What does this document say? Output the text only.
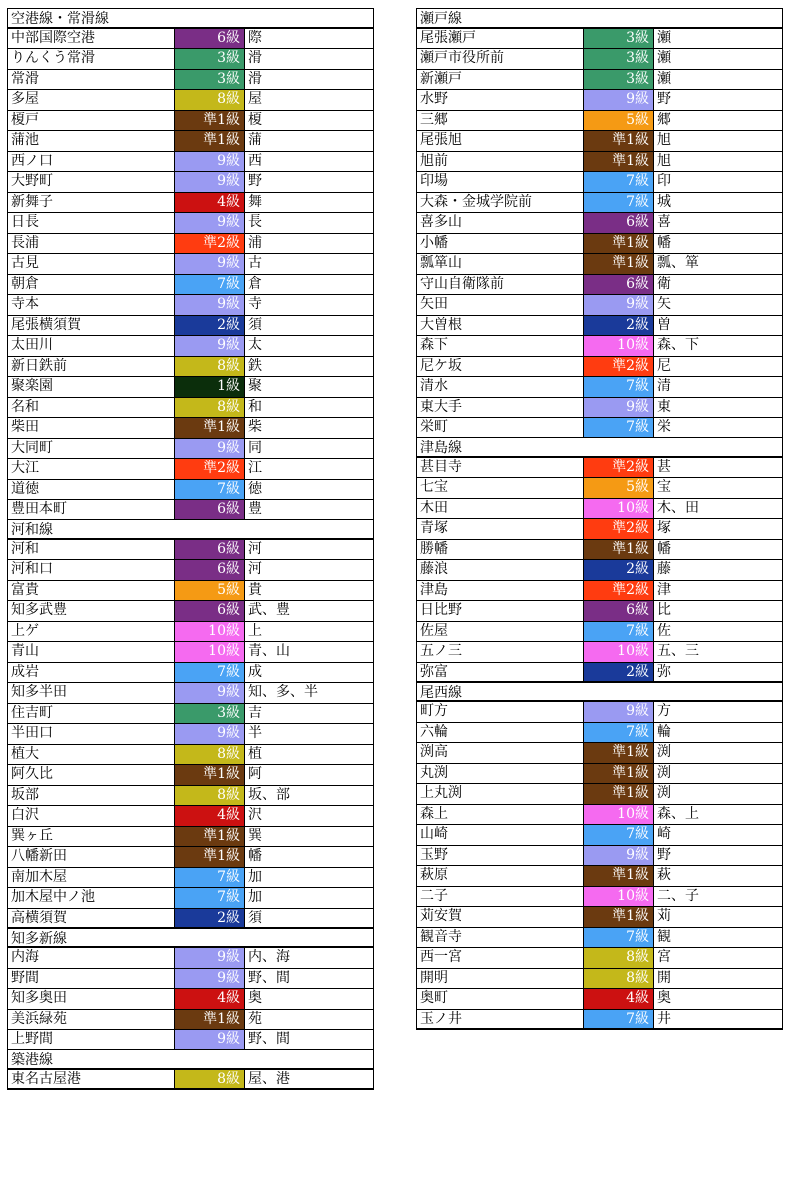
空港線・常滑線
中部国際空港	6級 際
りんくう常滑	3級 滑
常滑	3級 滑
多屋	8級 屋
榎戸	準1級 榎
蒲池	準1級 蒲
西ノ口	9級 西
大野町	9級 野
新舞子	4級 舞
日長	9級 長
長浦	準2級 浦
古見	9級 古
朝倉	7級 倉
寺本	9級 寺
尾張横須賀	2級 須
太田川	9級 太
新日鉄前	8級 鉄
聚楽園	1級 聚
名和	8級 和
柴田	準1級 柴
大同町	9級 同
大江	準2級 江
道徳	7級 徳
豊田本町	6級 豊
河和線
河和	6級 河
河和口	6級 河
富貴	5級 貴
知多武豊	6級 武、豊
上ゲ	10級 上
青山	10級 青、山
成岩	7級 成
知多半田	9級 知、多、半
住吉町	3級 吉
半田口	9級 半
植大	8級 植
阿久比	準1級 阿
坂部	8級 坂、部
白沢	4級 沢
巽ヶ丘	準1級 巽
八幡新田	準1級 幡
南加木屋	7級 加
加木屋中ノ池	7級 加
高横須賀	2級 須
知多新線
内海	9級 内、海
野間	9級 野、間
知多奥田	4級 奥
美浜緑苑	準1級 苑
上野間	9級 野、間
築港線
東名古屋港	8級 屋、港
瀬戸線
尾張瀬戸	3級 瀬
瀬戸市役所前	3級 瀬
新瀬戸	3級 瀬
水野	9級 野
三郷	5級 郷
尾張旭	準1級 旭
旭前	準1級 旭
印場	7級 印
大森・金城学院前	7級 城
喜多山	6級 喜
小幡	準1級 幡
瓢箪山	準1級 瓢、箪
守山自衛隊前	6級 衛
矢田	9級 矢
大曽根	2級 曽
森下	10級 森、下
尼ケ坂	準2級 尼
清水	7級 清
東大手	9級 東
栄町	7級 栄
津島線
甚目寺	準2級 甚
七宝	5級 宝
木田	10級 木、田
青塚	準2級 塚
勝幡	準1級 幡
藤浪	2級 藤
津島	準2級 津
日比野	6級 比
佐屋	7級 佐
五ノ三	10級 五、三
弥富	2級 弥
尾西線
町方	9級 方
六輪	7級 輪
渕高	準1級 渕
丸渕	準1級 渕
上丸渕	準1級 渕
森上	10級 森、上
山崎	7級 崎
玉野	9級 野
萩原	準1級 萩
二子	10級 二、子
苅安賀	準1級 苅
観音寺	7級 観
西一宮	8級 宮
開明	8級 開
奥町	4級 奥
玉ノ井	7級 井
